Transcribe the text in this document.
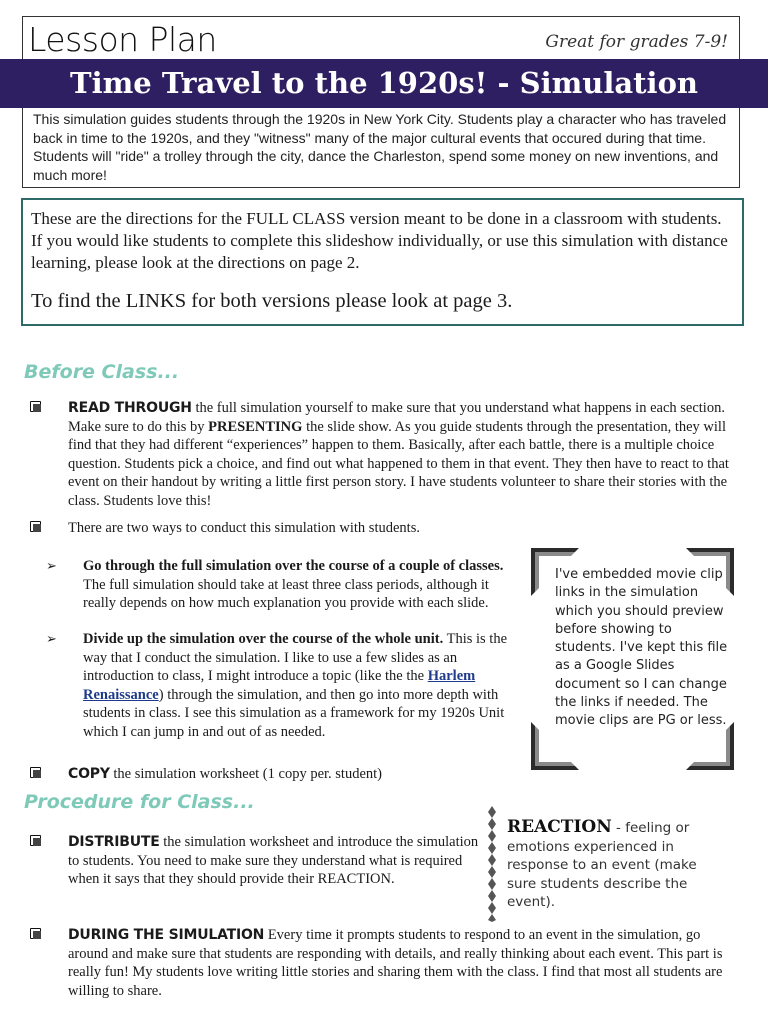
Lesson Plan	Great for grades 7-9!
Time Travel to the 1920s! - Simulation
This simulation guides students through the 1920s in New York City. Students play a character who has traveled back in time to the 1920s, and they "witness" many of the major cultural events that occured during that time. Students will "ride" a trolley through the city, dance the Charleston, spend some money on new inventions, and much more!

These are the directions for the FULL CLASS version meant to be done in a classroom with students. If you would like students to complete this slideshow individually, or use this simulation with distance learning, please look at the directions on page 2.

To find the LINKS for both versions please look at page 3.

Before Class...
READ THROUGH the full simulation yourself to make sure that you understand what happens in each section. Make sure to do this by PRESENTING the slide show. As you guide students through the presentation, they will find that they had different “experiences” happen to them. Basically, after each battle, there is a multiple choice question. Students pick a choice, and find out what happened to them in that event. They then have to react to that event on their handout by writing a little first person story. I have students volunteer to share their stories with the class. Students love this!
There are two ways to conduct this simulation with students.
➢ Go through the full simulation over the course of a couple of classes. The full simulation should take at least three class periods, although it really depends on how much explanation you provide with each slide.
➢ Divide up the simulation over the course of the whole unit. This is the way that I conduct the simulation. I like to use a few slides as an introduction to class, I might introduce a topic (like the the Harlem Renaissance) through the simulation, and then go into more depth with students in class. I see this simulation as a framework for my 1920s Unit which I can jump in and out of as needed.
COPY the simulation worksheet (1 copy per. student)
I've embedded movie clip links in the simulation which you should preview before showing to students. I've kept this file as a Google Slides document so I can change the links if needed. The movie clips are PG or less.
Procedure for Class...
DISTRIBUTE the simulation worksheet and introduce the simulation to students. You need to make sure they understand what is required when it says that they should provide their REACTION.
REACTION - feeling or emotions experienced in response to an event (make sure students describe the event).
DURING THE SIMULATION Every time it prompts students to respond to an event in the simulation, go around and make sure that students are responding with details, and really thinking about each event. This part is really fun! My students love writing little stories and sharing them with the class. I find that most all students are willing to share.
